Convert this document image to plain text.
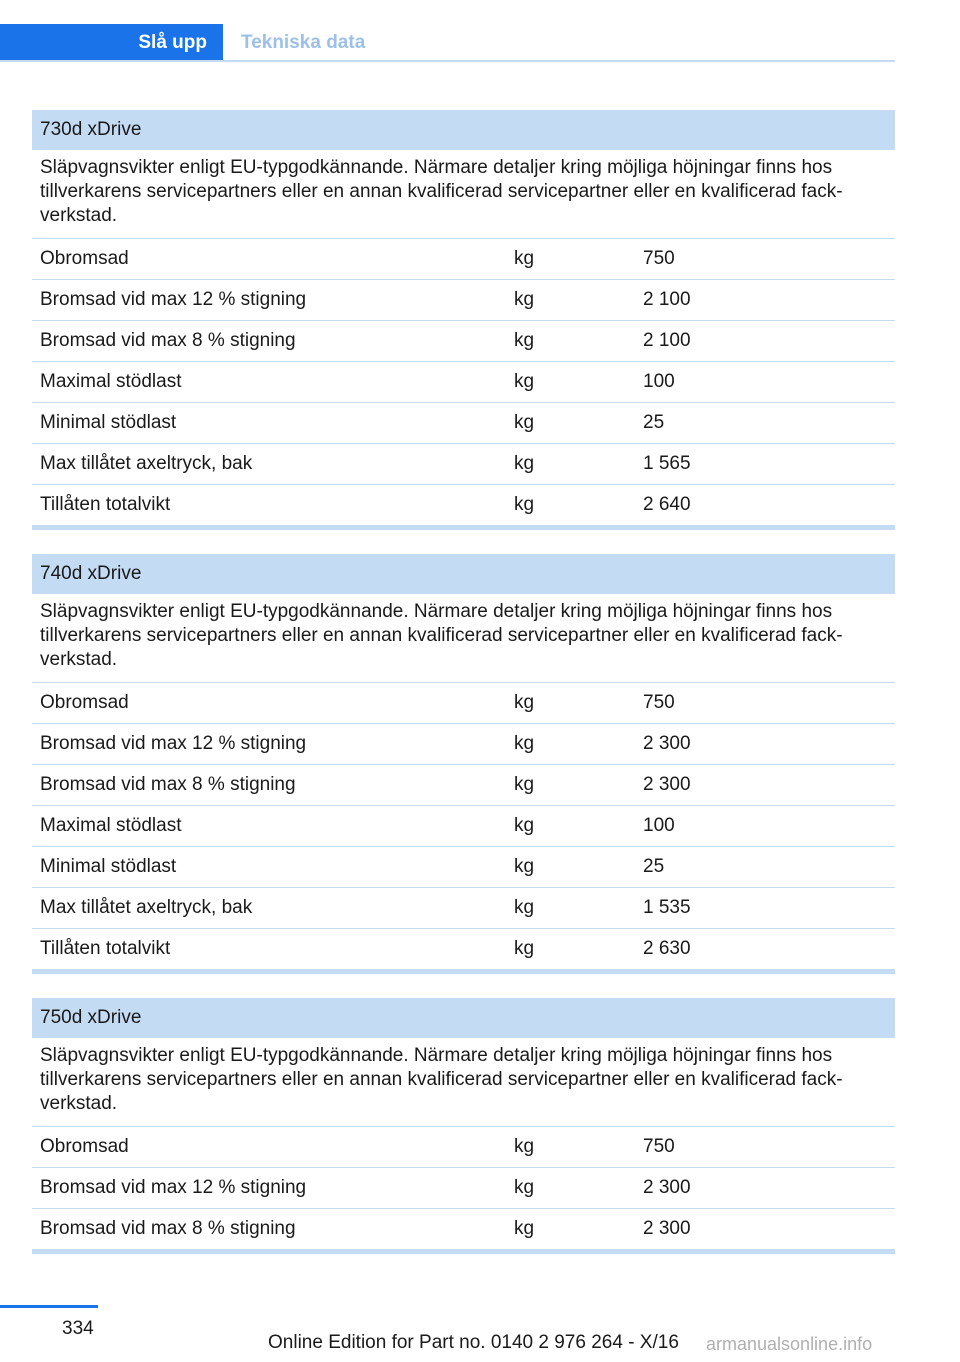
Slå upp	Tekniska data
730d xDrive
Släpvagnsvikter enligt EU-typgodkännande. Närmare detaljer kring möjliga höjningar finns hos tillverkarens servicepartners eller en annan kvalificerad servicepartner eller en kvalificerad fack-verkstad.
Obromsad	kg	750
Bromsad vid max 12 % stigning	kg	2 100
Bromsad vid max 8 % stigning	kg	2 100
Maximal stödlast	kg	100
Minimal stödlast	kg	25
Max tillåtet axeltryck, bak	kg	1 565
Tillåten totalvikt	kg	2 640
740d xDrive
Släpvagnsvikter enligt EU-typgodkännande. Närmare detaljer kring möjliga höjningar finns hos tillverkarens servicepartners eller en annan kvalificerad servicepartner eller en kvalificerad fack-verkstad.
Obromsad	kg	750
Bromsad vid max 12 % stigning	kg	2 300
Bromsad vid max 8 % stigning	kg	2 300
Maximal stödlast	kg	100
Minimal stödlast	kg	25
Max tillåtet axeltryck, bak	kg	1 535
Tillåten totalvikt	kg	2 630
750d xDrive
Släpvagnsvikter enligt EU-typgodkännande. Närmare detaljer kring möjliga höjningar finns hos tillverkarens servicepartners eller en annan kvalificerad servicepartner eller en kvalificerad fack-verkstad.
Obromsad	kg	750
Bromsad vid max 12 % stigning	kg	2 300
Bromsad vid max 8 % stigning	kg	2 300
334
Online Edition for Part no. 0140 2 976 264 - X/16 armanualsonline.info
